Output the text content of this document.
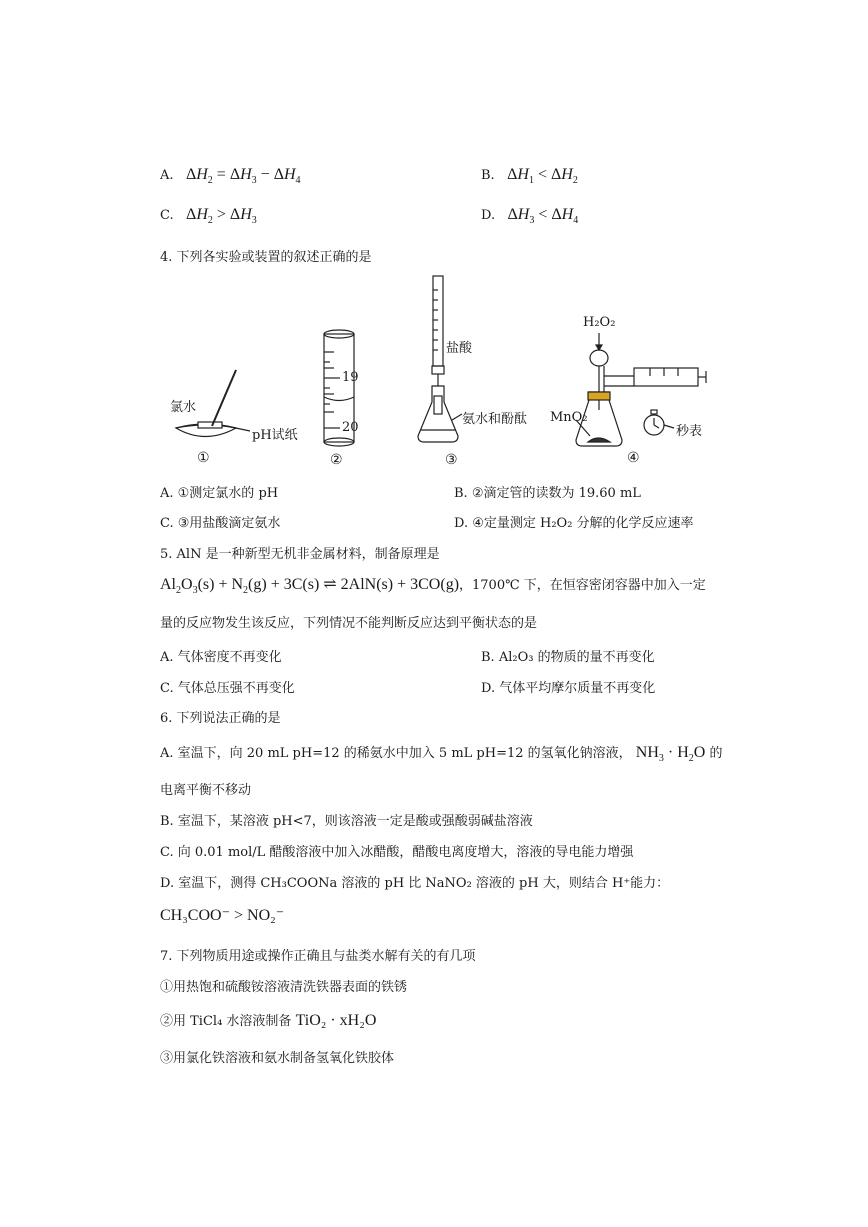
A. $\Delta H_2 = \Delta H_3 - \Delta H_4$	B. $\Delta H_1 < \Delta H_2$
C. $\Delta H_2 > \Delta H_3$	D. $\Delta H_3 < \Delta H_4$
4. 下列各实验或装置的叙述正确的是
氯水
pH试纸
19
20
盐酸
氨水和酚酞
H₂O₂
MnO₂
秒表
①	②	③	④
A. ①测定氯水的 pH	B. ②滴定管的读数为 19.60 mL
C. ③用盐酸滴定氨水	D. ④定量测定 H₂O₂ 分解的化学反应速率
5. AlN 是一种新型无机非金属材料，制备原理是
$Al_2O_3(s) + N_2(g) + 3C(s)$ ⇌ 2AlN(s) + 3CO(g)，1700℃ 下，在恒容密闭容器中加入一定
量的反应物发生该反应，下列情况不能判断反应达到平衡状态的是
A. 气体密度不再变化	B. Al₂O₃ 的物质的量不再变化
C. 气体总压强不再变化	D. 气体平均摩尔质量不再变化
6. 下列说法正确的是
A. 室温下，向 20 mL pH=12 的稀氨水中加入 5 mL pH=12 的氢氧化钠溶液， $NH_3 \cdot H_2O$ 的
电离平衡不移动
B. 室温下，某溶液 pH<7，则该溶液一定是酸或强酸弱碱盐溶液
C. 向 0.01 mol/L 醋酸溶液中加入冰醋酸，醋酸电离度增大，溶液的导电能力增强
D. 室温下，测得 CH₃COONa 溶液的 pH 比 NaNO₂ 溶液的 pH 大，则结合 H⁺能力：
CH₃COO⁻ > NO₂⁻
7. 下列物质用途或操作正确且与盐类水解有关的有几项
①用热饱和硫酸铵溶液清洗铁器表面的铁锈
②用 TiCl₄ 水溶液制备 TiO₂ · xH₂O
③用氯化铁溶液和氨水制备氢氧化铁胶体
